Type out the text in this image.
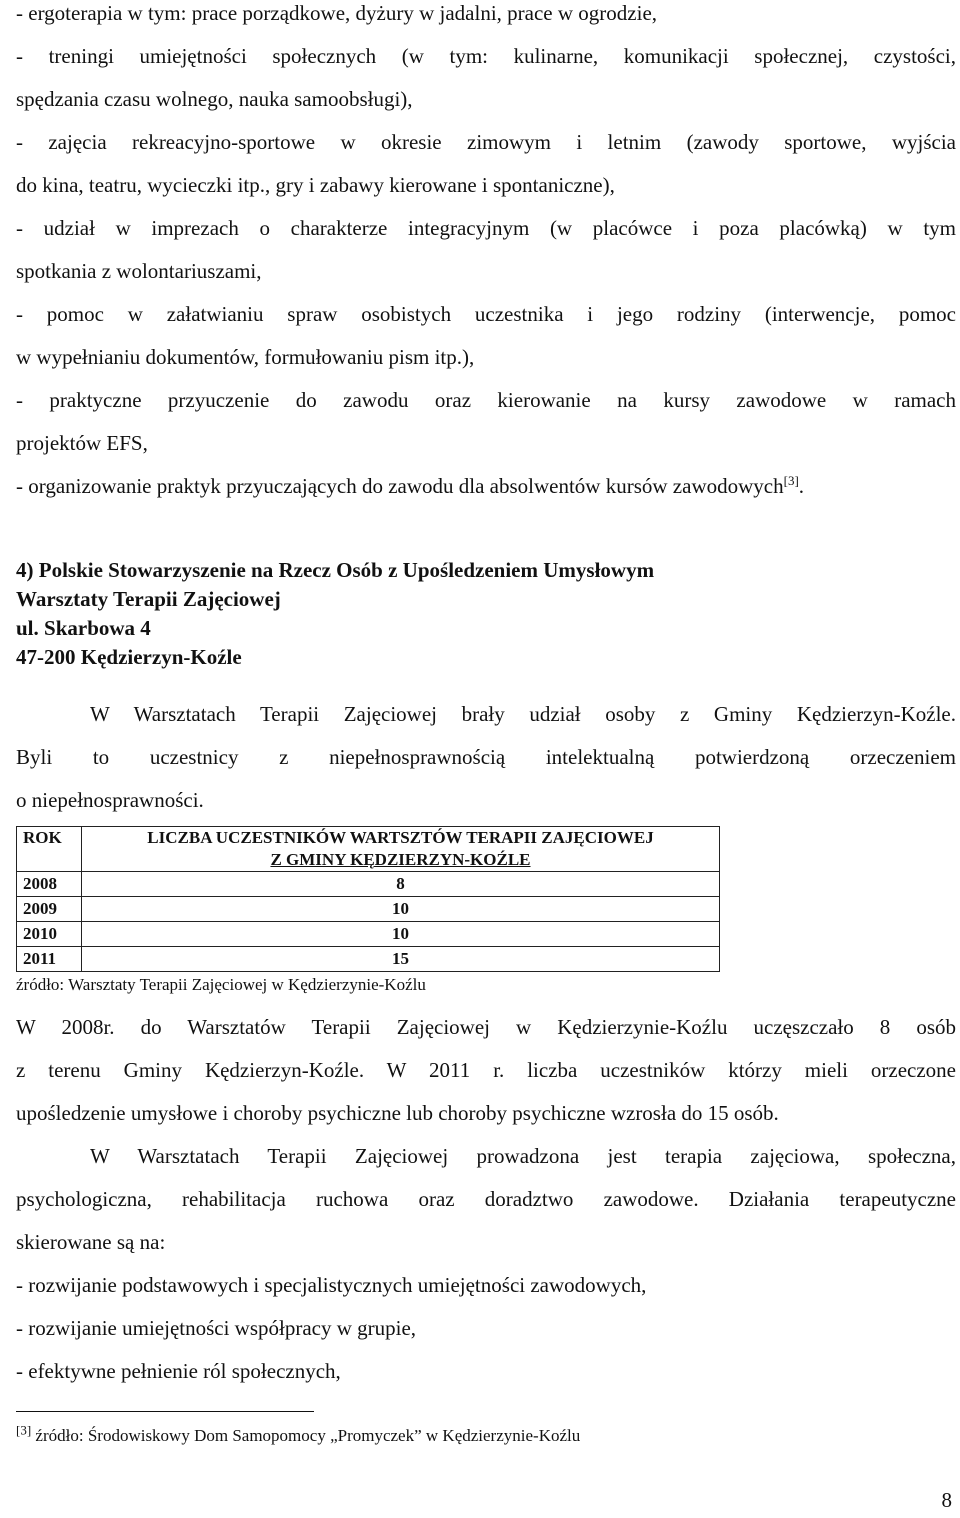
- ergoterapia w tym: prace porządkowe, dyżury w jadalni, prace w ogrodzie,
- treningi umiejętności społecznych (w tym: kulinarne, komunikacji społecznej, czystości,
spędzania czasu wolnego, nauka samoobsługi),
- zajęcia rekreacyjno-sportowe w okresie zimowym i letnim (zawody sportowe, wyjścia
do kina, teatru, wycieczki itp., gry i zabawy kierowane i spontaniczne),
- udział w imprezach o charakterze integracyjnym (w placówce i poza placówką) w tym
spotkania z wolontariuszami,
- pomoc w załatwianiu spraw osobistych uczestnika i jego rodziny (interwencje, pomoc
w wypełnianiu dokumentów, formułowaniu pism itp.),
- praktyczne przyuczenie do zawodu oraz kierowanie na kursy zawodowe w ramach
projektów EFS,
- organizowanie praktyk przyuczających do zawodu dla absolwentów kursów zawodowych[3].
4) Polskie Stowarzyszenie na Rzecz Osób z Upośledzeniem Umysłowym
Warsztaty Terapii Zajęciowej
ul. Skarbowa 4
47-200 Kędzierzyn-Koźle
W Warsztatach Terapii Zajęciowej brały udział osoby z Gminy Kędzierzyn-Koźle.
Byli to uczestnicy z niepełnosprawnością intelektualną potwierdzoną orzeczeniem
o niepełnosprawności.
ROK	LICZBA UCZESTNIKÓW WARTSZTÓW TERAPII ZAJĘCIOWEJ
Z GMINY KĘDZIERZYN-KOŹLE

2008	8
2009	10
2010	10
2011	15
źródło: Warsztaty Terapii Zajęciowej w Kędzierzynie-Koźlu
W 2008r. do Warsztatów Terapii Zajęciowej w Kędzierzynie-Koźlu uczęszczało 8 osób
z terenu Gminy Kędzierzyn-Koźle. W 2011 r. liczba uczestników którzy mieli orzeczone
upośledzenie umysłowe i choroby psychiczne lub choroby psychiczne wzrosła do 15 osób.
W Warsztatach Terapii Zajęciowej prowadzona jest terapia zajęciowa, społeczna,
psychologiczna, rehabilitacja ruchowa oraz doradztwo zawodowe. Działania terapeutyczne
skierowane są na:
- rozwijanie podstawowych i specjalistycznych umiejętności zawodowych,
- rozwijanie umiejętności współpracy w grupie,
- efektywne pełnienie ról społecznych,
[3] źródło: Środowiskowy Dom Samopomocy „Promyczek” w Kędzierzynie-Koźlu
8
